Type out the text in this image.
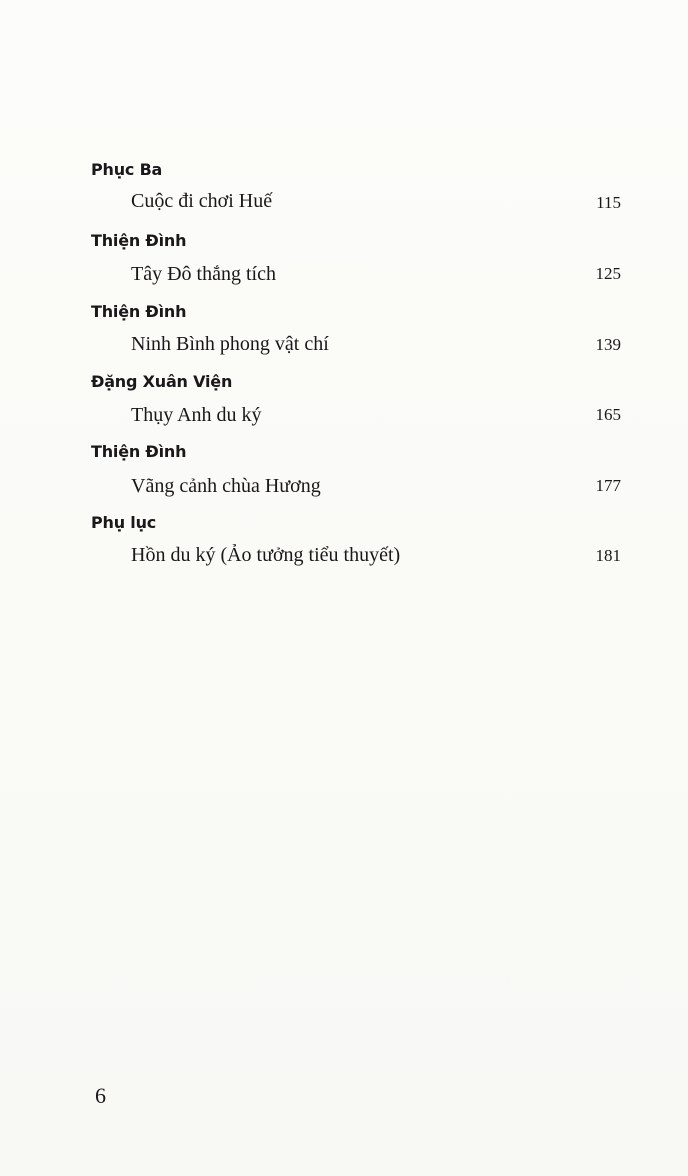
Phục Ba
Cuộc đi chơi Huế	115
Thiện Đình
Tây Đô thắng tích	125
Thiện Đình
Ninh Bình phong vật chí	139
Đặng Xuân Viện
Thụy Anh du ký	165
Thiện Đình
Vãng cảnh chùa Hương	177
Phụ lục
Hồn du ký (Ảo tưởng tiểu thuyết)	181
6
